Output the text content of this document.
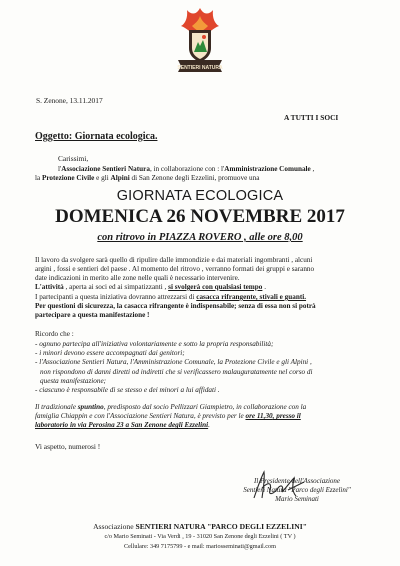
SENTIERI NATURA
S. Zenone, 13.11.2017
A TUTTI I SOCI
Oggetto: Giornata ecologica.
Carissimi,
l'Associazione Sentieri Natura, in collaborazione con : l'Amministrazione Comunale ,
la Protezione Civile e gli Alpini di San Zenone degli Ezzelini, promuove una
GIORNATA ECOLOGICA
DOMENICA 26 NOVEMBRE 2017
con ritrovo in PIAZZA ROVERO , alle ore 8,00
Il lavoro da svolgere sarà quello di ripulire dalle immondizie e dai materiali ingombranti , alcuni
argini , fossi e sentieri del paese . Al momento del ritrovo , verranno formati dei gruppi e saranno
date indicazioni in merito alle zone nelle quali è necessario intervenire.
L'attività , aperta ai soci ed ai simpatizzanti , si svolgerà con qualsiasi tempo .
I partecipanti a questa iniziativa dovranno attrezzarsi di casacca rifrangente, stivali e guanti.
Per questioni di sicurezza, la casacca rifrangente è indispensabile; senza di essa non si potrà
partecipare a questa manifestazione !
Ricordo che :
- ognuno partecipa all'iniziativa volontariamente e sotto la propria responsabilità;
- i minori devono essere accompagnati dai genitori;
- l'Associazione Sentieri Natura, l'Amministrazione Comunale, la Protezione Civile e gli Alpini ,
non rispondono di danni diretti od indiretti che si verificassero malauguratamente nel corso di
questa manifestazione;
- ciascuno è responsabile di se stesso e dei minori a lui affidati .
Il tradizionale spuntino, predisposto dal socio Pellizzari Giampietro, in collaborazione con la
famiglia Chiappin e con l'Associazione Sentieri Natura, è previsto per le ore 11,30, presso il
laboratorio in via Perosina 23 a San Zenone degli Ezzelini.
Vi aspetto, numerosi !
Il Presidente dell'Associazione
Sentieri Natura "Parco degli Ezzelini"
Mario Seminati
Associazione SENTIERI NATURA "PARCO DEGLI EZZELINI"
c/o Mario Seminati - Via Verdi , 19 - 31020 San Zenone degli Ezzelini ( TV )
Cellulare: 349 7175799 - e mail: mariosseminati@gmail.com
